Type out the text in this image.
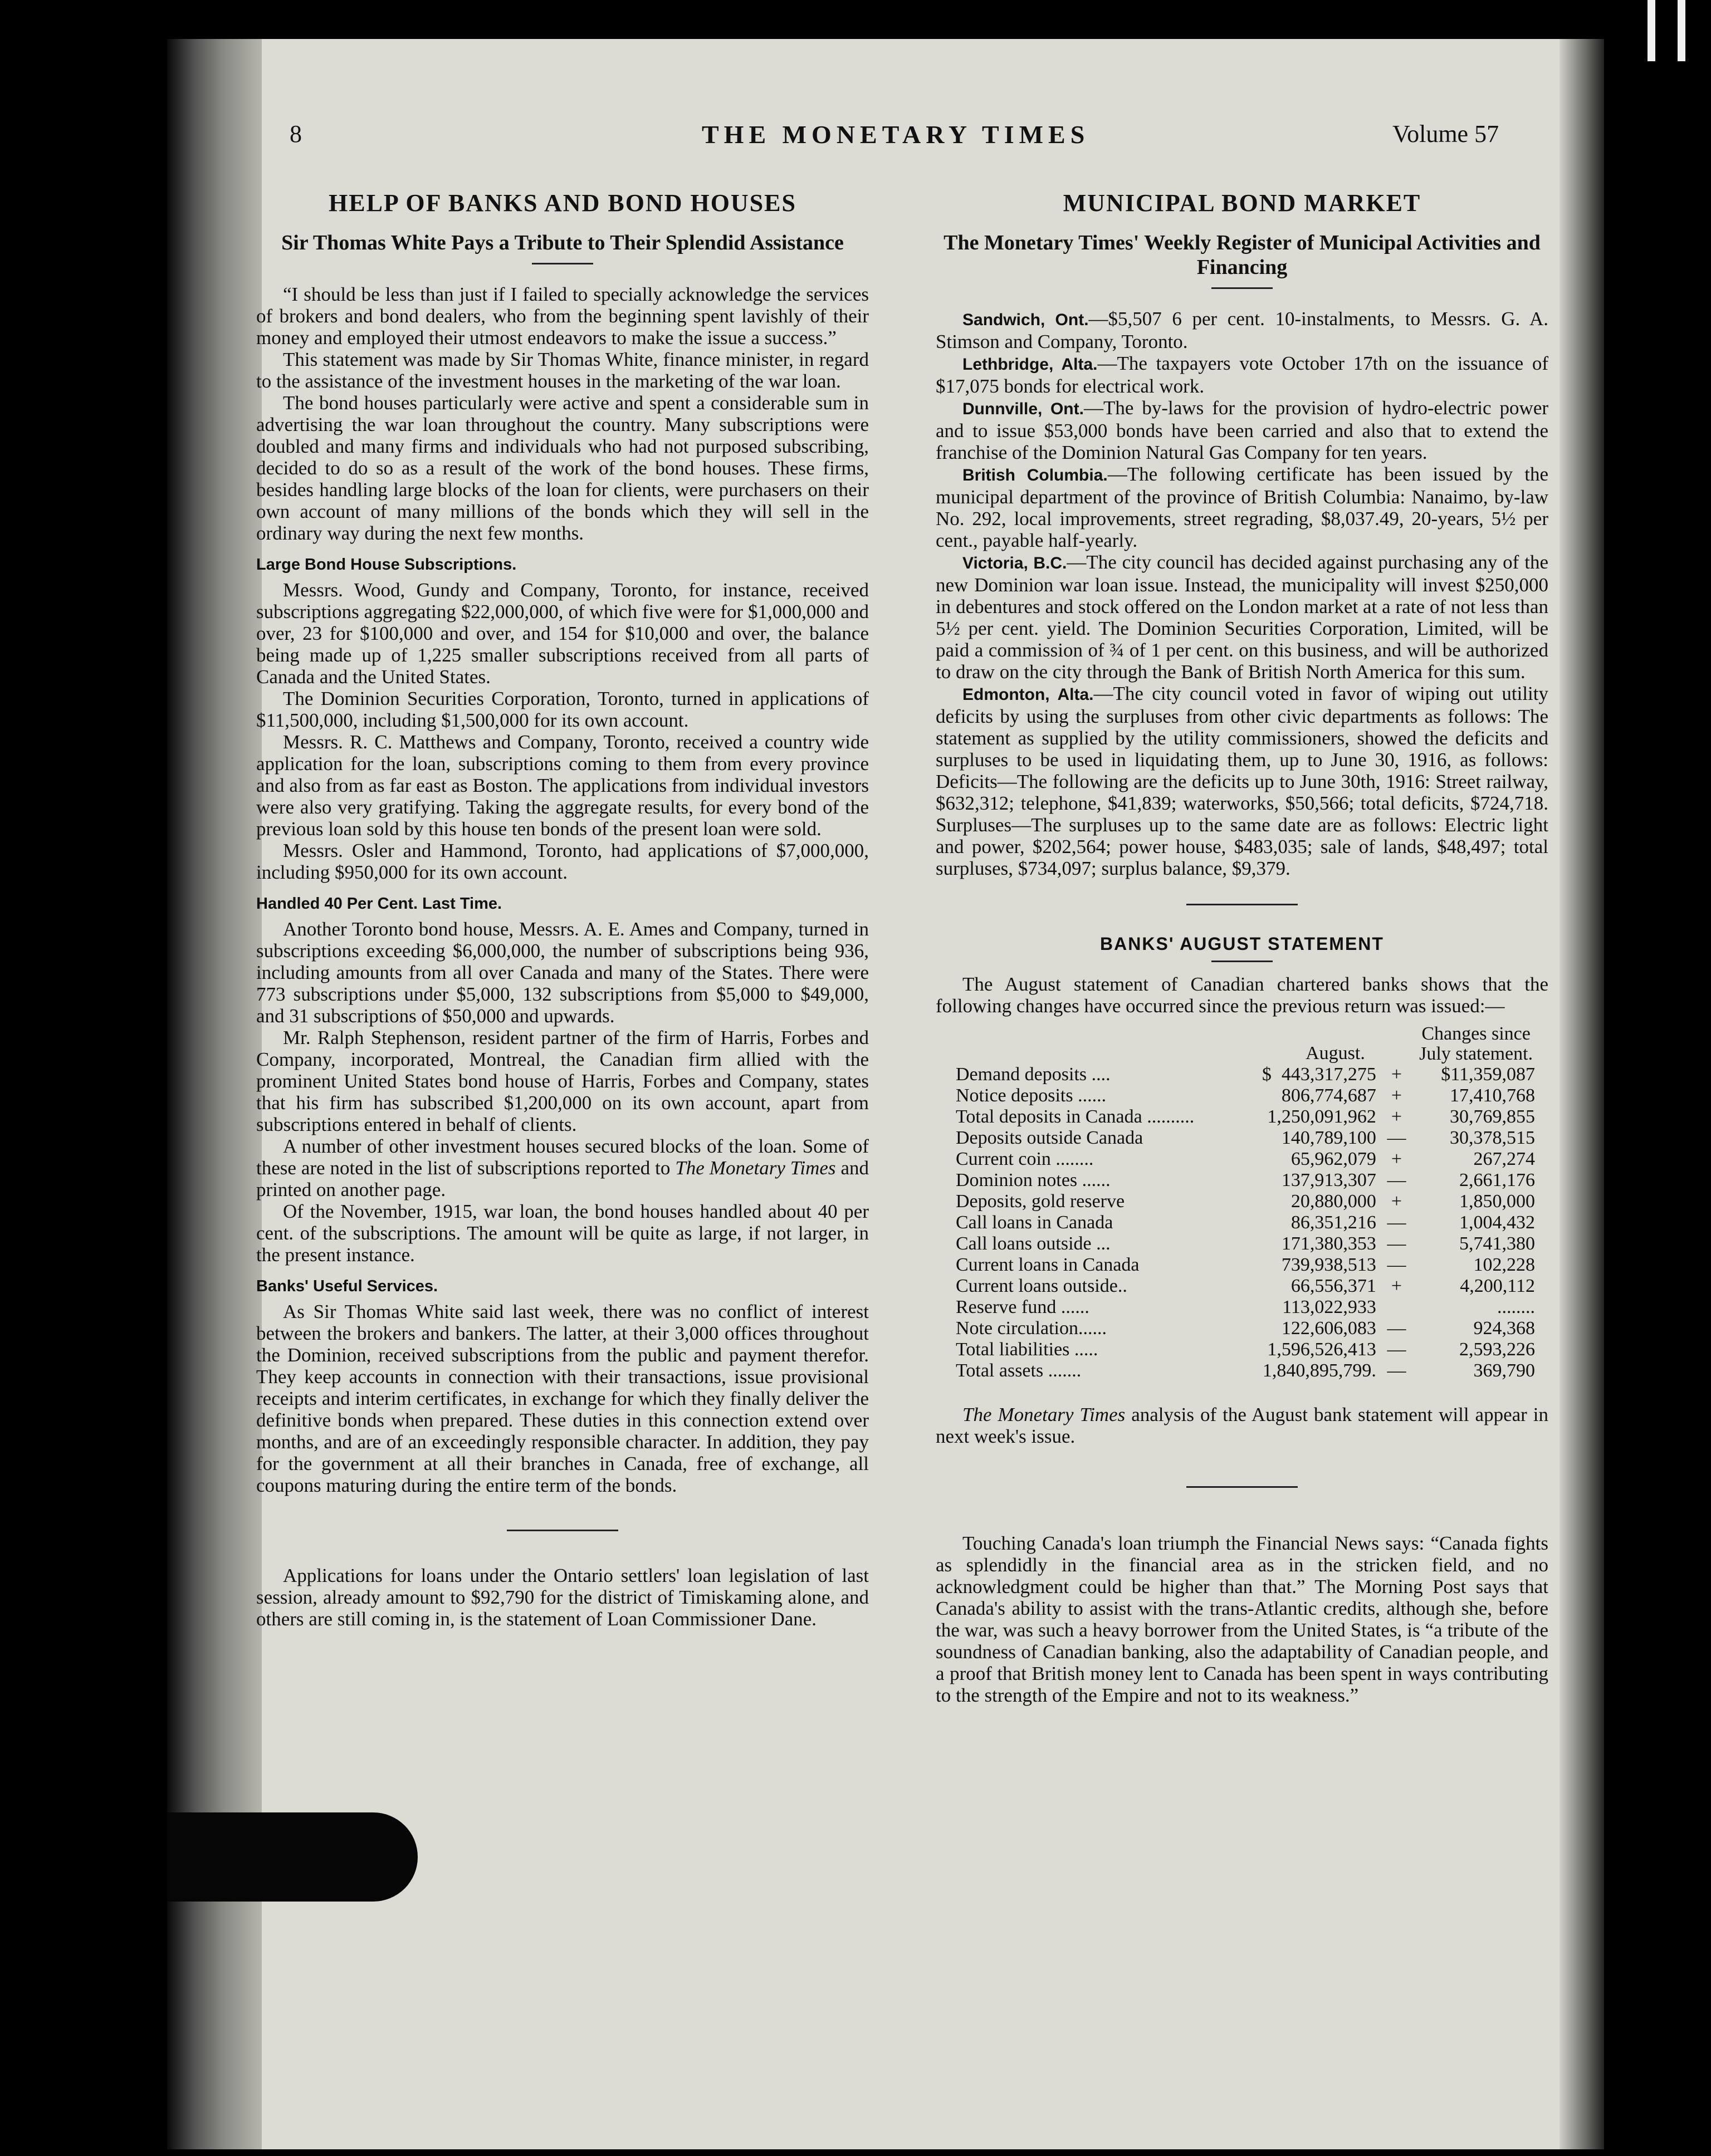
8	THE MONETARY TIMES	Volume 57
HELP OF BANKS AND BOND HOUSES
Sir Thomas White Pays a Tribute to Their Splendid Assistance

“I should be less than just if I failed to specially acknowledge the services of brokers and bond dealers, who from the beginning spent lavishly of their money and employed their utmost endeavors to make the issue a success.”

This statement was made by Sir Thomas White, finance minister, in regard to the assistance of the investment houses in the marketing of the war loan.

The bond houses particularly were active and spent a considerable sum in advertising the war loan throughout the country. Many subscriptions were doubled and many firms and individuals who had not purposed subscribing, decided to do so as a result of the work of the bond houses. These firms, besides handling large blocks of the loan for clients, were purchasers on their own account of many millions of the bonds which they will sell in the ordinary way during the next few months.

Large Bond House Subscriptions.

Messrs. Wood, Gundy and Company, Toronto, for instance, received subscriptions aggregating $22,000,000, of which five were for $1,000,000 and over, 23 for $100,000 and over, and 154 for $10,000 and over, the balance being made up of 1,225 smaller subscriptions received from all parts of Canada and the United States.

The Dominion Securities Corporation, Toronto, turned in applications of $11,500,000, including $1,500,000 for its own account.

Messrs. R. C. Matthews and Company, Toronto, received a country wide application for the loan, subscriptions coming to them from every province and also from as far east as Boston. The applications from individual investors were also very gratifying. Taking the aggregate results, for every bond of the previous loan sold by this house ten bonds of the present loan were sold.

Messrs. Osler and Hammond, Toronto, had applications of $7,000,000, including $950,000 for its own account.

Handled 40 Per Cent. Last Time.

Another Toronto bond house, Messrs. A. E. Ames and Company, turned in subscriptions exceeding $6,000,000, the number of subscriptions being 936, including amounts from all over Canada and many of the States. There were 773 subscriptions under $5,000, 132 subscriptions from $5,000 to $49,000, and 31 subscriptions of $50,000 and upwards.

Mr. Ralph Stephenson, resident partner of the firm of Harris, Forbes and Company, incorporated, Montreal, the Canadian firm allied with the prominent United States bond house of Harris, Forbes and Company, states that his firm has subscribed $1,200,000 on its own account, apart from subscriptions entered in behalf of clients.

A number of other investment houses secured blocks of the loan. Some of these are noted in the list of subscriptions reported to The Monetary Times and printed on another page.

Of the November, 1915, war loan, the bond houses handled about 40 per cent. of the subscriptions. The amount will be quite as large, if not larger, in the present instance.

Banks' Useful Services.

As Sir Thomas White said last week, there was no conflict of interest between the brokers and bankers. The latter, at their 3,000 offices throughout the Dominion, received subscriptions from the public and payment therefor. They keep accounts in connection with their transactions, issue provisional receipts and interim certificates, in exchange for which they finally deliver the definitive bonds when prepared. These duties in this connection extend over months, and are of an exceedingly responsible character. In addition, they pay for the government at all their branches in Canada, free of exchange, all coupons maturing during the entire term of the bonds.

Applications for loans under the Ontario settlers' loan legislation of last session, already amount to $92,790 for the district of Timiskaming alone, and others are still coming in, is the statement of Loan Commissioner Dane.

MUNICIPAL BOND MARKET
The Monetary Times' Weekly Register of Municipal Activities and Financing

Sandwich, Ont.—$5,507 6 per cent. 10-instalments, to Messrs. G. A. Stimson and Company, Toronto.

Lethbridge, Alta.—The taxpayers vote October 17th on the issuance of $17,075 bonds for electrical work.

Dunnville, Ont.—The by-laws for the provision of hydro-electric power and to issue $53,000 bonds have been carried and also that to extend the franchise of the Dominion Natural Gas Company for ten years.

British Columbia.—The following certificate has been issued by the municipal department of the province of British Columbia: Nanaimo, by-law No. 292, local improvements, street regrading, $8,037.49, 20-years, 5½ per cent., payable half-yearly.

Victoria, B.C.—The city council has decided against purchasing any of the new Dominion war loan issue. Instead, the municipality will invest $250,000 in debentures and stock offered on the London market at a rate of not less than 5½ per cent. yield. The Dominion Securities Corporation, Limited, will be paid a commission of ¾ of 1 per cent. on this business, and will be authorized to draw on the city through the Bank of British North America for this sum.

Edmonton, Alta.—The city council voted in favor of wiping out utility deficits by using the surpluses from other civic departments as follows: The statement as supplied by the utility commissioners, showed the deficits and surpluses to be used in liquidating them, up to June 30, 1916, as follows: Deficits—The following are the deficits up to June 30th, 1916: Street railway, $632,312; telephone, $41,839; waterworks, $50,566; total deficits, $724,718. Surpluses—The surpluses up to the same date are as follows: Electric light and power, $202,564; power house, $483,035; sale of lands, $48,497; total surpluses, $734,097; surplus balance, $9,379.

BANKS' AUGUST STATEMENT

The August statement of Canadian chartered banks shows that the following changes have occurred since the previous return was issued:—

	August.		Changes since July statement.
Demand deposits ....	$ 443,317,275	+	$11,359,087
Notice deposits ......	806,774,687	+	17,410,768
Total deposits in Canada ..........	1,250,091,962	+	30,769,855
Deposits outside Canada	140,789,100	—	30,378,515
Current coin ........	65,962,079	+	267,274
Dominion notes ......	137,913,307	—	2,661,176
Deposits, gold reserve	20,880,000	+	1,850,000
Call loans in Canada	86,351,216	—	1,004,432
Call loans outside ...	171,380,353	—	5,741,380
Current loans in Canada	739,938,513	—	102,228
Current loans outside..	66,556,371	+	4,200,112
Reserve fund ......	113,022,933		........
Note circulation......	122,606,083	—	924,368
Total liabilities .....	1,596,526,413	—	2,593,226
Total assets .......	1,840,895,799.	—	369,790

The Monetary Times analysis of the August bank statement will appear in next week's issue.

Touching Canada's loan triumph the Financial News says: “Canada fights as splendidly in the financial area as in the stricken field, and no acknowledgment could be higher than that.” The Morning Post says that Canada's ability to assist with the trans-Atlantic credits, although she, before the war, was such a heavy borrower from the United States, is “a tribute of the soundness of Canadian banking, also the adaptability of Canadian people, and a proof that British money lent to Canada has been spent in ways contributing to the strength of the Empire and not to its weakness.”
